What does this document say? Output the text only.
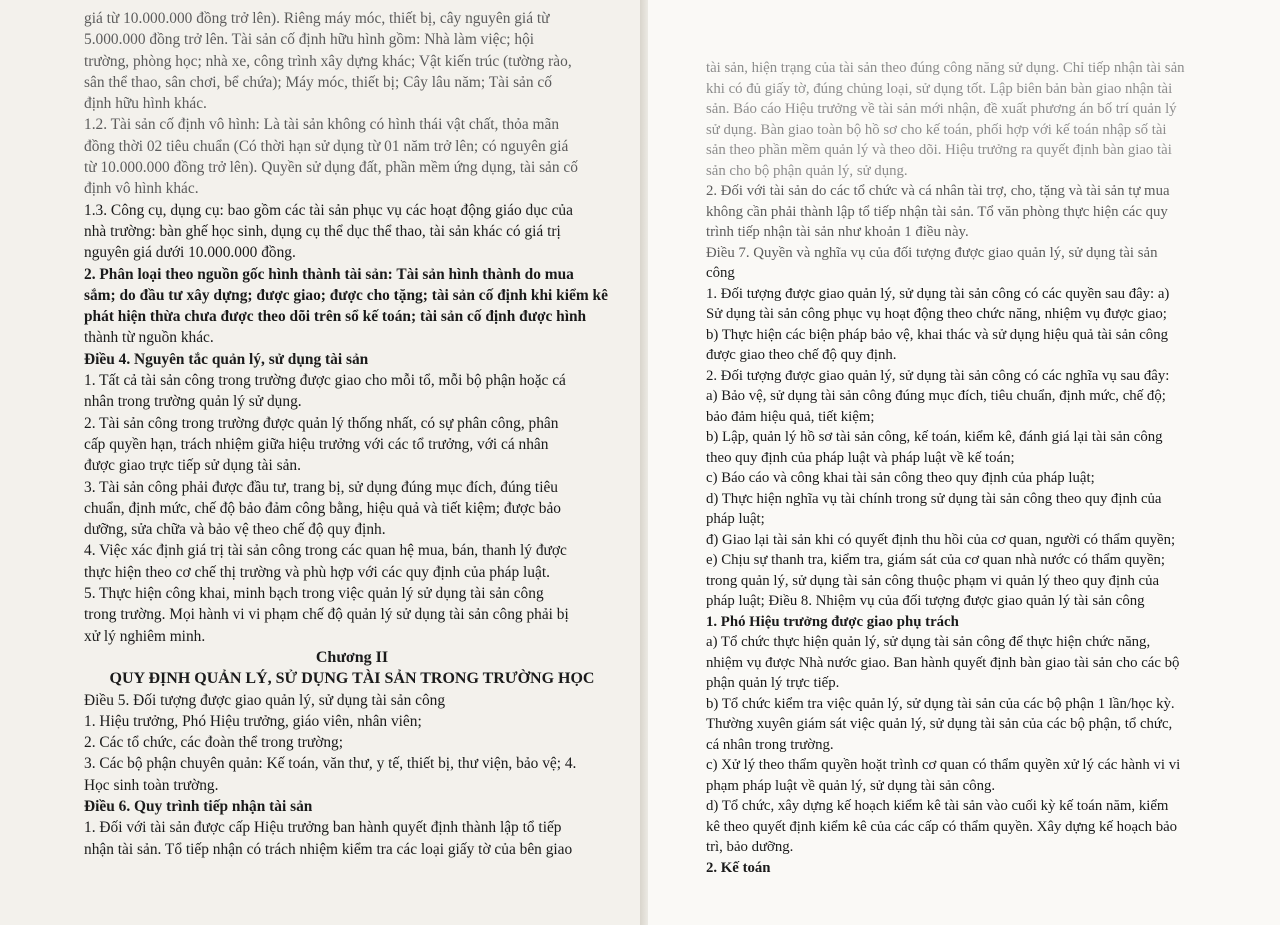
giá từ 10.000.000 đồng trở lên). Riêng máy móc, thiết bị, cây nguyên giá từ
5.000.000 đồng trở lên. Tài sản cố định hữu hình gồm: Nhà làm việc; hội
trường, phòng học; nhà xe, công trình xây dựng khác; Vật kiến trúc (tường rào,
sân thể thao, sân chơi, bể chứa); Máy móc, thiết bị; Cây lâu năm; Tài sản cố
định hữu hình khác.
1.2. Tài sản cố định vô hình: Là tài sản không có hình thái vật chất, thỏa mãn
đồng thời 02 tiêu chuẩn (Có thời hạn sử dụng từ 01 năm trở lên; có nguyên giá
từ 10.000.000 đồng trở lên). Quyền sử dụng đất, phần mềm ứng dụng, tài sản cố
định vô hình khác.
1.3. Công cụ, dụng cụ: bao gồm các tài sản phục vụ các hoạt động giáo dục của
nhà trường: bàn ghế học sinh, dụng cụ thể dục thể thao, tài sản khác có giá trị
nguyên giá dưới 10.000.000 đồng.
2. Phân loại theo nguồn gốc hình thành tài sản: Tài sản hình thành do mua
sắm; do đầu tư xây dựng; được giao; được cho tặng; tài sản cố định khi kiểm kê
phát hiện thừa chưa được theo dõi trên sổ kế toán; tài sản cố định được hình
thành từ nguồn khác.
Điều 4. Nguyên tắc quản lý, sử dụng tài sản
1. Tất cả tài sản công trong trường được giao cho mỗi tổ, mỗi bộ phận hoặc cá
nhân trong trường quản lý sử dụng.
2. Tài sản công trong trường được quản lý thống nhất, có sự phân công, phân
cấp quyền hạn, trách nhiệm giữa hiệu trưởng với các tổ trưởng, với cá nhân
được giao trực tiếp sử dụng tài sản.
3. Tài sản công phải được đầu tư, trang bị, sử dụng đúng mục đích, đúng tiêu
chuẩn, định mức, chế độ bảo đảm công bằng, hiệu quả và tiết kiệm; được bảo
dưỡng, sửa chữa và bảo vệ theo chế độ quy định.
4. Việc xác định giá trị tài sản công trong các quan hệ mua, bán, thanh lý được
thực hiện theo cơ chế thị trường và phù hợp với các quy định của pháp luật.
5. Thực hiện công khai, minh bạch trong việc quản lý sử dụng tài sản công
trong trường. Mọi hành vi vi phạm chế độ quản lý sử dụng tài sản công phải bị
xử lý nghiêm minh.
Chương II
QUY ĐỊNH QUẢN LÝ, SỬ DỤNG TÀI SẢN TRONG TRƯỜNG HỌC
Điều 5. Đối tượng được giao quản lý, sử dụng tài sản công
1. Hiệu trưởng, Phó Hiệu trưởng, giáo viên, nhân viên;
2. Các tổ chức, các đoàn thể trong trường;
3. Các bộ phận chuyên quản: Kế toán, văn thư, y tế, thiết bị, thư viện, bảo vệ; 4.
Học sinh toàn trường.
Điều 6. Quy trình tiếp nhận tài sản
1. Đối với tài sản được cấp Hiệu trưởng ban hành quyết định thành lập tổ tiếp
nhận tài sản. Tổ tiếp nhận có trách nhiệm kiểm tra các loại giấy tờ của bên giao
tài sản, hiện trạng của tài sản theo đúng công năng sử dụng. Chỉ tiếp nhận tài sản
khi có đủ giấy tờ, đúng chủng loại, sử dụng tốt. Lập biên bản bàn giao nhận tài
sản. Báo cáo Hiệu trưởng về tài sản mới nhận, đề xuất phương án bố trí quản lý
sử dụng. Bàn giao toàn bộ hồ sơ cho kế toán, phối hợp với kế toán nhập số tài
sản theo phần mềm quản lý và theo dõi. Hiệu trưởng ra quyết định bàn giao tài
sản cho bộ phận quản lý, sử dụng.
2. Đối với tài sản do các tổ chức và cá nhân tài trợ, cho, tặng và tài sản tự mua
không cần phải thành lập tổ tiếp nhận tài sản. Tổ văn phòng thực hiện các quy
trình tiếp nhận tài sản như khoản 1 điều này.
Điều 7. Quyền và nghĩa vụ của đối tượng được giao quản lý, sử dụng tài sản
công
1. Đối tượng được giao quản lý, sử dụng tài sản công có các quyền sau đây: a)
Sử dụng tài sản công phục vụ hoạt động theo chức năng, nhiệm vụ được giao;
b) Thực hiện các biện pháp bảo vệ, khai thác và sử dụng hiệu quả tài sản công
được giao theo chế độ quy định.
2. Đối tượng được giao quản lý, sử dụng tài sản công có các nghĩa vụ sau đây:
a) Bảo vệ, sử dụng tài sản công đúng mục đích, tiêu chuẩn, định mức, chế độ;
bảo đảm hiệu quả, tiết kiệm;
b) Lập, quản lý hồ sơ tài sản công, kế toán, kiểm kê, đánh giá lại tài sản công
theo quy định của pháp luật và pháp luật về kế toán;
c) Báo cáo và công khai tài sản công theo quy định của pháp luật;
d) Thực hiện nghĩa vụ tài chính trong sử dụng tài sản công theo quy định của
pháp luật;
đ) Giao lại tài sản khi có quyết định thu hồi của cơ quan, người có thẩm quyền;
e) Chịu sự thanh tra, kiểm tra, giám sát của cơ quan nhà nước có thẩm quyền;
trong quản lý, sử dụng tài sản công thuộc phạm vi quản lý theo quy định của
pháp luật; Điều 8. Nhiệm vụ của đối tượng được giao quản lý tài sản công
1. Phó Hiệu trưởng được giao phụ trách
a) Tổ chức thực hiện quản lý, sử dụng tài sản công để thực hiện chức năng,
nhiệm vụ được Nhà nước giao. Ban hành quyết định bàn giao tài sản cho các bộ
phận quản lý trực tiếp.
b) Tổ chức kiểm tra việc quản lý, sử dụng tài sản của các bộ phận 1 lần/học kỳ.
Thường xuyên giám sát việc quản lý, sử dụng tài sản của các bộ phận, tổ chức,
cá nhân trong trường.
c) Xử lý theo thẩm quyền hoặt trình cơ quan có thẩm quyền xử lý các hành vi vi
phạm pháp luật về quản lý, sử dụng tài sản công.
d) Tổ chức, xây dựng kế hoạch kiểm kê tài sản vào cuối kỳ kế toán năm, kiểm
kê theo quyết định kiểm kê của các cấp có thẩm quyền. Xây dựng kế hoạch bảo
trì, bảo dưỡng.
2. Kế toán
